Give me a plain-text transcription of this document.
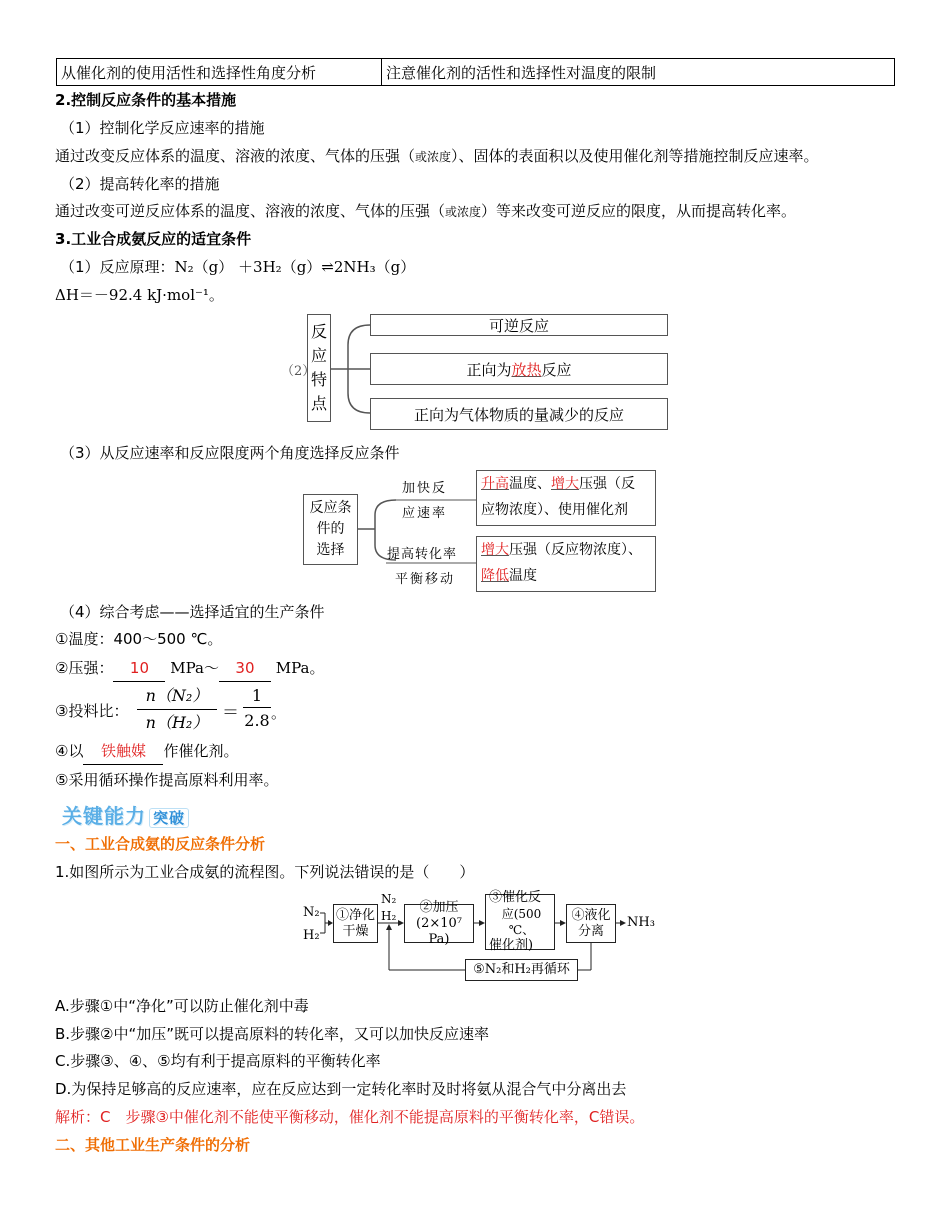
从催化剂的使用活性和选择性角度分析	注意催化剂的活性和选择性对温度的限制
2.控制反应条件的基本措施
（1）控制化学反应速率的措施
通过改变反应体系的温度、溶液的浓度、气体的压强（或浓度）、固体的表面积以及使用催化剂等措施控制反应速率。
（2）提高转化率的措施
通过改变可逆反应体系的温度、溶液的浓度、气体的压强（或浓度）等来改变可逆反应的限度，从而提高转化率。
3.工业合成氨反应的适宜条件
（1）反应原理：N₂（g） ＋3H₂（g）⇌2NH₃（g）
ΔH＝－92.4 kJ·mol⁻¹。
反
应
特
点
（2）
可逆反应
正向为 放热 反应
正向为气体物质的量减少的反应
（3）从反应速率和反应限度两个角度选择反应条件
反应条
件的
选择
加快反
应速率
提高转化率
平衡移动
升高温度、增大压强（反
应物浓度）、使用催化剂
增大压强（反应物浓度）、
降低温度
（4）综合考虑——选择适宜的生产条件
①温度：400～500 ℃。
②压强： 10 MPa～ 30 MPa。
③投料比：
n（N₂）
n（H₂） ＝
1
2.8 。
④以 铁触媒 作催化剂。
⑤采用循环操作提高原料利用率。
关键能力 突破
一、工业合成氨的反应条件分析
1.如图所示为工业合成氨的流程图。下列说法错误的是（　　）
N₂
H₂
①净化干燥
N₂
H₂
②加压
(2×10⁷ Pa)
③催化反
应(500 ℃、
催化剂)
④液化
分离
NH₃
⑤N₂和H₂再循环
A.步骤①中“净化”可以防止催化剂中毒
B.步骤②中“加压”既可以提高原料的转化率，又可以加快反应速率
C.步骤③、④、⑤均有利于提高原料的平衡转化率
D.为保持足够高的反应速率，应在反应达到一定转化率时及时将氨从混合气中分离出去
解析：C　步骤③中催化剂不能使平衡移动，催化剂不能提高原料的平衡转化率，C错误。
二、其他工业生产条件的分析
